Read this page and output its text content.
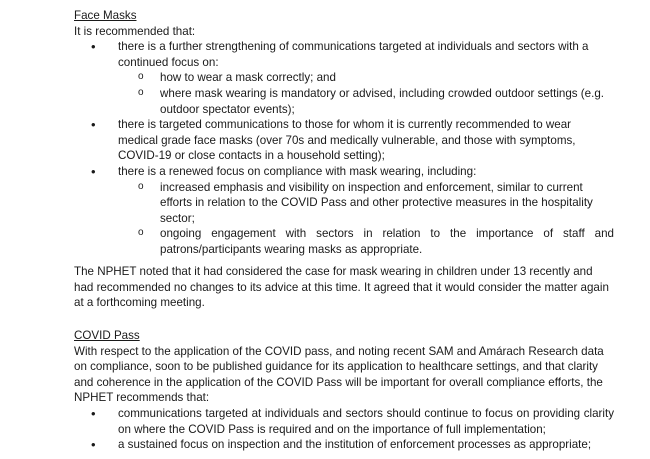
Face Masks
It is recommended that:
• there is a further strengthening of communications targeted at individuals and sectors with a continued focus on:
o how to wear a mask correctly; and
o where mask wearing is mandatory or advised, including crowded outdoor settings (e.g. outdoor spectator events);
• there is targeted communications to those for whom it is currently recommended to wear medical grade face masks (over 70s and medically vulnerable, and those with symptoms, COVID-19 or close contacts in a household setting);
• there is a renewed focus on compliance with mask wearing, including:
o increased emphasis and visibility on inspection and enforcement, similar to current efforts in relation to the COVID Pass and other protective measures in the hospitality sector;
o ongoing engagement with sectors in relation to the importance of staff and patrons/participants wearing masks as appropriate.
The NPHET noted that it had considered the case for mask wearing in children under 13 recently and had recommended no changes to its advice at this time. It agreed that it would consider the matter again at a forthcoming meeting.
COVID Pass
With respect to the application of the COVID pass, and noting recent SAM and Amárach Research data on compliance, soon to be published guidance for its application to healthcare settings, and that clarity and coherence in the application of the COVID Pass will be important for overall compliance efforts, the NPHET recommends that:
• communications targeted at individuals and sectors should continue to focus on providing clarity on where the COVID Pass is required and on the importance of full implementation;
• a sustained focus on inspection and the institution of enforcement processes as appropriate;
